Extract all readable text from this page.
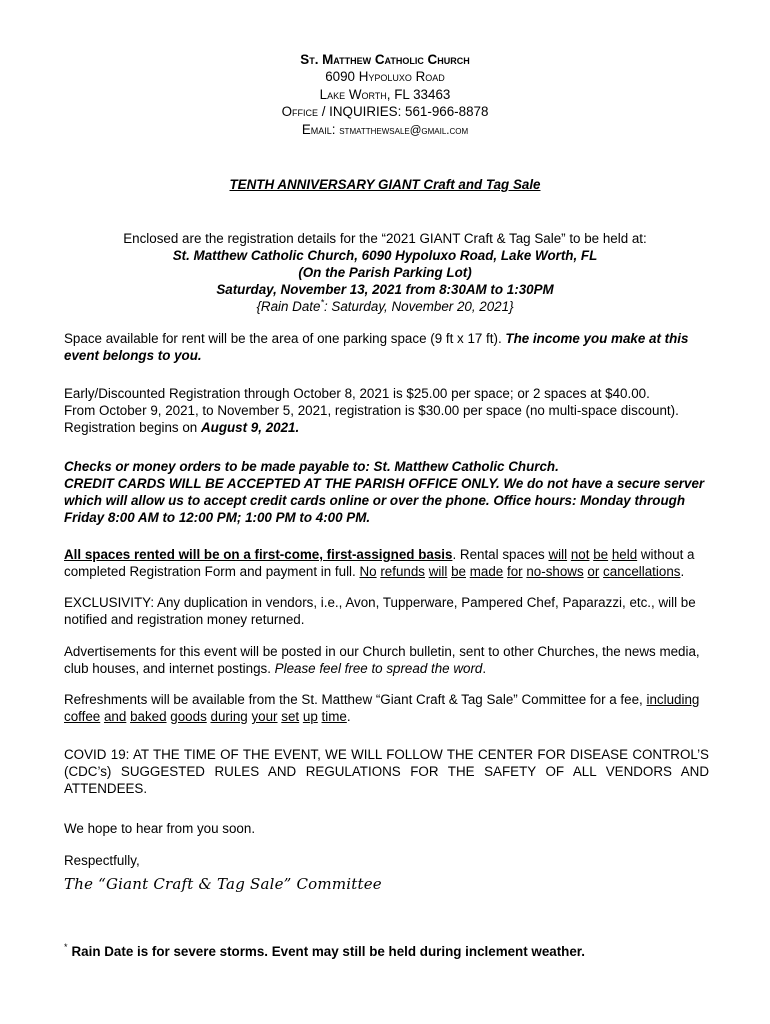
St. Matthew Catholic Church
6090 Hypoluxo Road
Lake Worth, FL 33463
Office / INQUIRIES: 561-966-8878
Email: stmatthewsale@gmail.com
TENTH ANNIVERSARY GIANT Craft and Tag Sale
Enclosed are the registration details for the “2021 GIANT Craft & Tag Sale” to be held at:
St. Matthew Catholic Church, 6090 Hypoluxo Road, Lake Worth, FL
(On the Parish Parking Lot)
Saturday, November 13, 2021 from 8:30AM to 1:30PM
{Rain Date*: Saturday, November 20, 2021}
Space available for rent will be the area of one parking space (9 ft x 17 ft). The income you make at this event belongs to you.
Early/Discounted Registration through October 8, 2021 is $25.00 per space; or 2 spaces at $40.00.
From October 9, 2021, to November 5, 2021, registration is $30.00 per space (no multi-space discount).
Registration begins on August 9, 2021.
Checks or money orders to be made payable to: St. Matthew Catholic Church.
CREDIT CARDS WILL BE ACCEPTED AT THE PARISH OFFICE ONLY. We do not have a secure server which will allow us to accept credit cards online or over the phone. Office hours: Monday through Friday 8:00 AM to 12:00 PM; 1:00 PM to 4:00 PM.
All spaces rented will be on a first-come, first-assigned basis. Rental spaces will not be held without a completed Registration Form and payment in full. No refunds will be made for no-shows or cancellations.
EXCLUSIVITY: Any duplication in vendors, i.e., Avon, Tupperware, Pampered Chef, Paparazzi, etc., will be notified and registration money returned.
Advertisements for this event will be posted in our Church bulletin, sent to other Churches, the news media, club houses, and internet postings. Please feel free to spread the word.
Refreshments will be available from the St. Matthew “Giant Craft & Tag Sale” Committee for a fee, including coffee and baked goods during your set up time.
COVID 19: AT THE TIME OF THE EVENT, WE WILL FOLLOW THE CENTER FOR DISEASE CONTROL’S (CDC’s) SUGGESTED RULES AND REGULATIONS FOR THE SAFETY OF ALL VENDORS AND ATTENDEES.
We hope to hear from you soon.
Respectfully,
The “Giant Craft & Tag Sale” Committee
* Rain Date is for severe storms. Event may still be held during inclement weather.
